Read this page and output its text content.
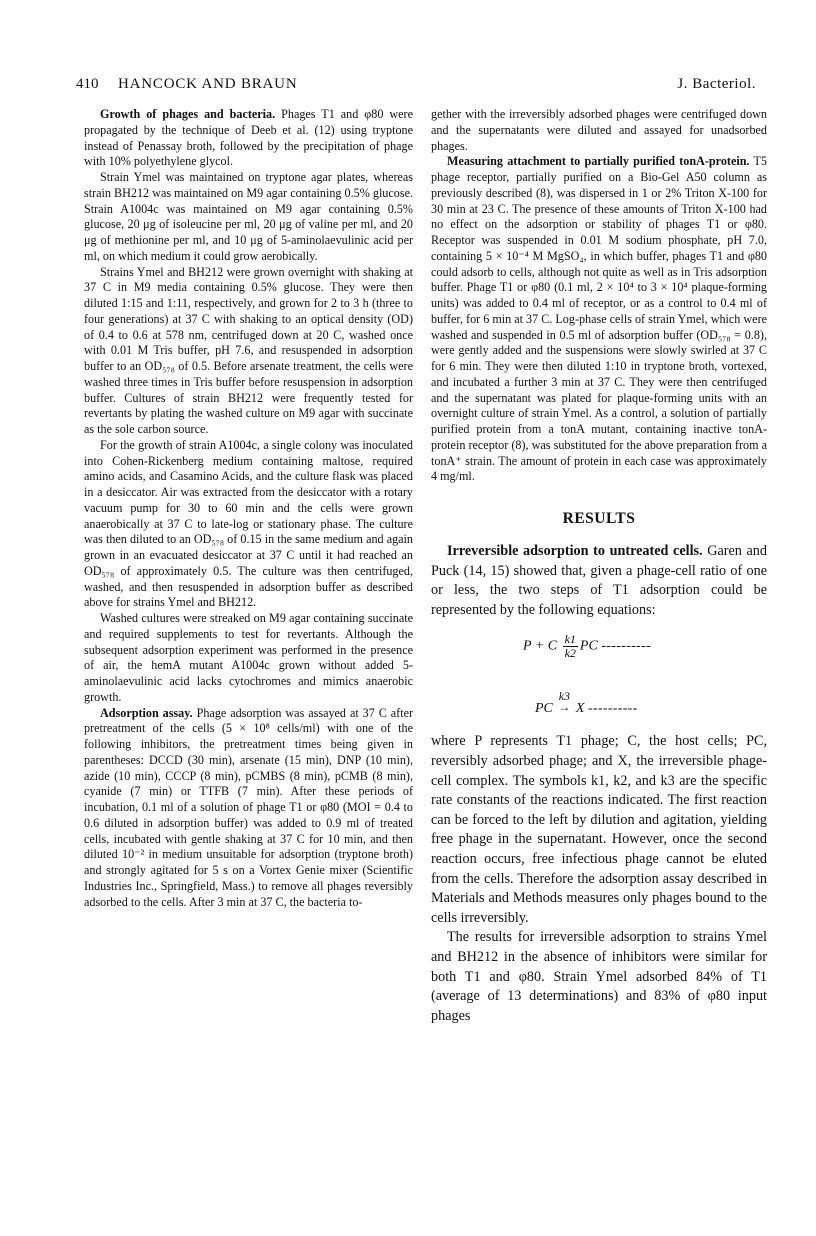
410 HANCOCK AND BRAUN	J. Bacteriol.

Growth of phages and bacteria. Phages T1 and φ80 were propagated by the technique of Deeb et al. (12) using tryptone instead of Penassay broth, followed by the precipitation of phage with 10% polyethylene glycol.

Strain Ymel was maintained on tryptone agar plates, whereas strain BH212 was maintained on M9 agar containing 0.5% glucose. Strain A1004c was maintained on M9 agar containing 0.5% glucose, 20 μg of isoleucine per ml, 20 μg of valine per ml, and 20 μg of methionine per ml, and 10 μg of 5-aminolaevulinic acid per ml, on which medium it could grow aerobically.

Strains Ymel and BH212 were grown overnight with shaking at 37 C in M9 media containing 0.5% glucose. They were then diluted 1:15 and 1:11, respectively, and grown for 2 to 3 h (three to four generations) at 37 C with shaking to an optical density (OD) of 0.4 to 0.6 at 578 nm, centrifuged down at 20 C, washed once with 0.01 M Tris buffer, pH 7.6, and resuspended in adsorption buffer to an OD₅₇₈ of 0.5. Before arsenate treatment, the cells were washed three times in Tris buffer before resuspension in adsorption buffer. Cultures of strain BH212 were frequently tested for revertants by plating the washed culture on M9 agar with succinate as the sole carbon source.

For the growth of strain A1004c, a single colony was inoculated into Cohen-Rickenberg medium containing maltose, required amino acids, and Casamino Acids, and the culture flask was placed in a desiccator. Air was extracted from the desiccator with a rotary vacuum pump for 30 to 60 min and the cells were grown anaerobically at 37 C to late-log or stationary phase. The culture was then diluted to an OD₅₇₈ of 0.15 in the same medium and again grown in an evacuated desiccator at 37 C until it had reached an OD₅₇₈ of approximately 0.5. The culture was then centrifuged, washed, and then resuspended in adsorption buffer as described above for strains Ymel and BH212.

Washed cultures were streaked on M9 agar containing succinate and required supplements to test for revertants. Although the subsequent adsorption experiment was performed in the presence of air, the hemA mutant A1004c grown without added 5-aminolaevulinic acid lacks cytochromes and mimics anaerobic growth.

Adsorption assay. Phage adsorption was assayed at 37 C after pretreatment of the cells (5 × 10⁸ cells/ml) with one of the following inhibitors, the pretreatment times being given in parentheses: DCCD (30 min), arsenate (15 min), DNP (10 min), azide (10 min), CCCP (8 min), pCMBS (8 min), pCMB (8 min), cyanide (7 min) or TTFB (7 min). After these periods of incubation, 0.1 ml of a solution of phage T1 or φ80 (MOI = 0.4 to 0.6 diluted in adsorption buffer) was added to 0.9 ml of treated cells, incubated with gentle shaking at 37 C for 10 min, and then diluted 10⁻² in medium unsuitable for adsorption (tryptone broth) and strongly agitated for 5 s on a Vortex Genie mixer (Scientific Industries Inc., Springfield, Mass.) to remove all phages reversibly adsorbed to the cells. After 3 min at 37 C, the bacteria to-

gether with the irreversibly adsorbed phages were centrifuged down and the supernatants were diluted and assayed for unadsorbed phages.

Measuring attachment to partially purified tonA-protein. T5 phage receptor, partially purified on a Bio-Gel A50 column as previously described (8), was dispersed in 1 or 2% Triton X-100 for 30 min at 23 C. The presence of these amounts of Triton X-100 had no effect on the adsorption or stability of phages T1 or φ80. Receptor was suspended in 0.01 M sodium phosphate, pH 7.0, containing 5 × 10⁻⁴ M MgSO₄, in which buffer, phages T1 and φ80 could adsorb to cells, although not quite as well as in Tris adsorption buffer. Phage T1 or φ80 (0.1 ml, 2 × 10⁴ to 3 × 10⁴ plaque-forming units) was added to 0.4 ml of receptor, or as a control to 0.4 ml of buffer, for 6 min at 37 C. Log-phase cells of strain Ymel, which were washed and suspended in 0.5 ml of adsorption buffer (OD₅₇₈ = 0.8), were gently added and the suspensions were slowly swirled at 37 C for 6 min. They were then diluted 1:10 in tryptone broth, vortexed, and incubated a further 3 min at 37 C. They were then centrifuged and the supernatant was plated for plaque-forming units with an overnight culture of strain Ymel. As a control, a solution of partially purified protein from a tonA mutant, containing inactive tonA-protein receptor (8), was substituted for the above preparation from a tonA⁺ strain. The amount of protein in each case was approximately 4 mg/ml.

RESULTS

Irreversible adsorption to untreated cells. Garen and Puck (14, 15) showed that, given a phage-cell ratio of one or less, the two steps of T1 adsorption could be represented by the following equations:

P + C $\frac{k1}{k2}$ PC ----------
PC
k3
→ X ----------

where P represents T1 phage; C, the host cells; PC, reversibly adsorbed phage; and X, the irreversible phage-cell complex. The symbols k1, k2, and k3 are the specific rate constants of the reactions indicated. The first reaction can be forced to the left by dilution and agitation, yielding free phage in the supernatant. However, once the second reaction occurs, free infectious phage cannot be eluted from the cells. Therefore the adsorption assay described in Materials and Methods measures only phages bound to the cells irreversibly.

The results for irreversible adsorption to strains Ymel and BH212 in the absence of inhibitors were similar for both T1 and φ80. Strain Ymel adsorbed 84% of T1 (average of 13 determinations) and 83% of φ80 input phages
